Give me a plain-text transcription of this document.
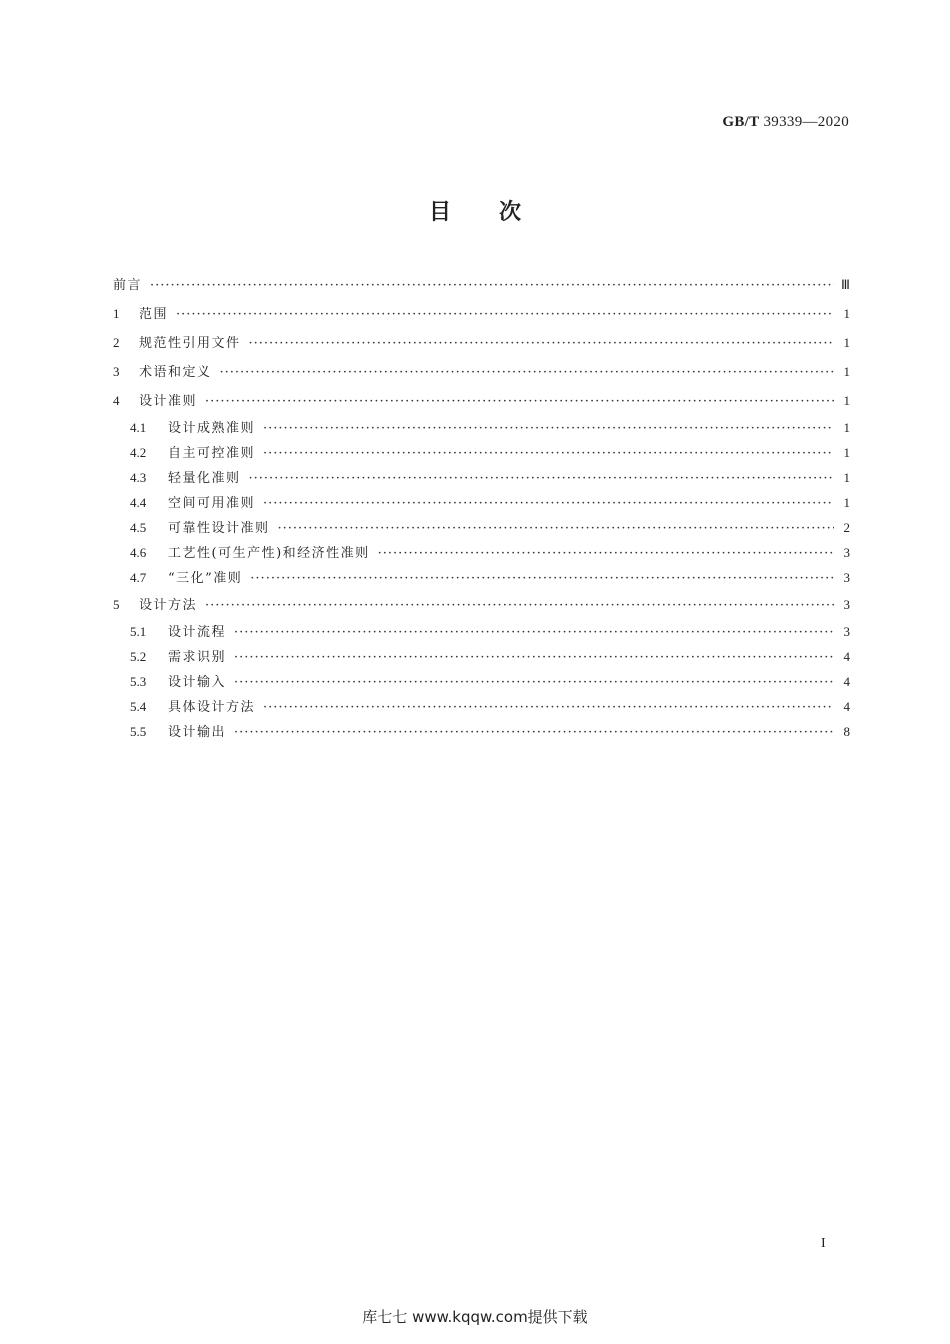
GB/T 39339—2020
目次
前言 ·····	Ⅲ
1	范围 ·····	1
2	规范性引用文件 ·····	1
3	术语和定义 ·····	1
4	设计准则 ·····	1
4.1	设计成熟准则 ·····	1
4.2	自主可控准则 ·····	1
4.3	轻量化准则 ·····	1
4.4	空间可用准则 ·····	1
4.5	可靠性设计准则 ·····	2
4.6	工艺性(可生产性)和经济性准则 ·····	3
4.7	“三化”准则 ·····	3
5	设计方法 ·····	3
5.1	设计流程 ·····	3
5.2	需求识别 ·····	4
5.3	设计输入 ·····	4
5.4	具体设计方法 ·····	4
5.5	设计输出 ·····	8
I
库七七 www.kqqw.com提供下载
